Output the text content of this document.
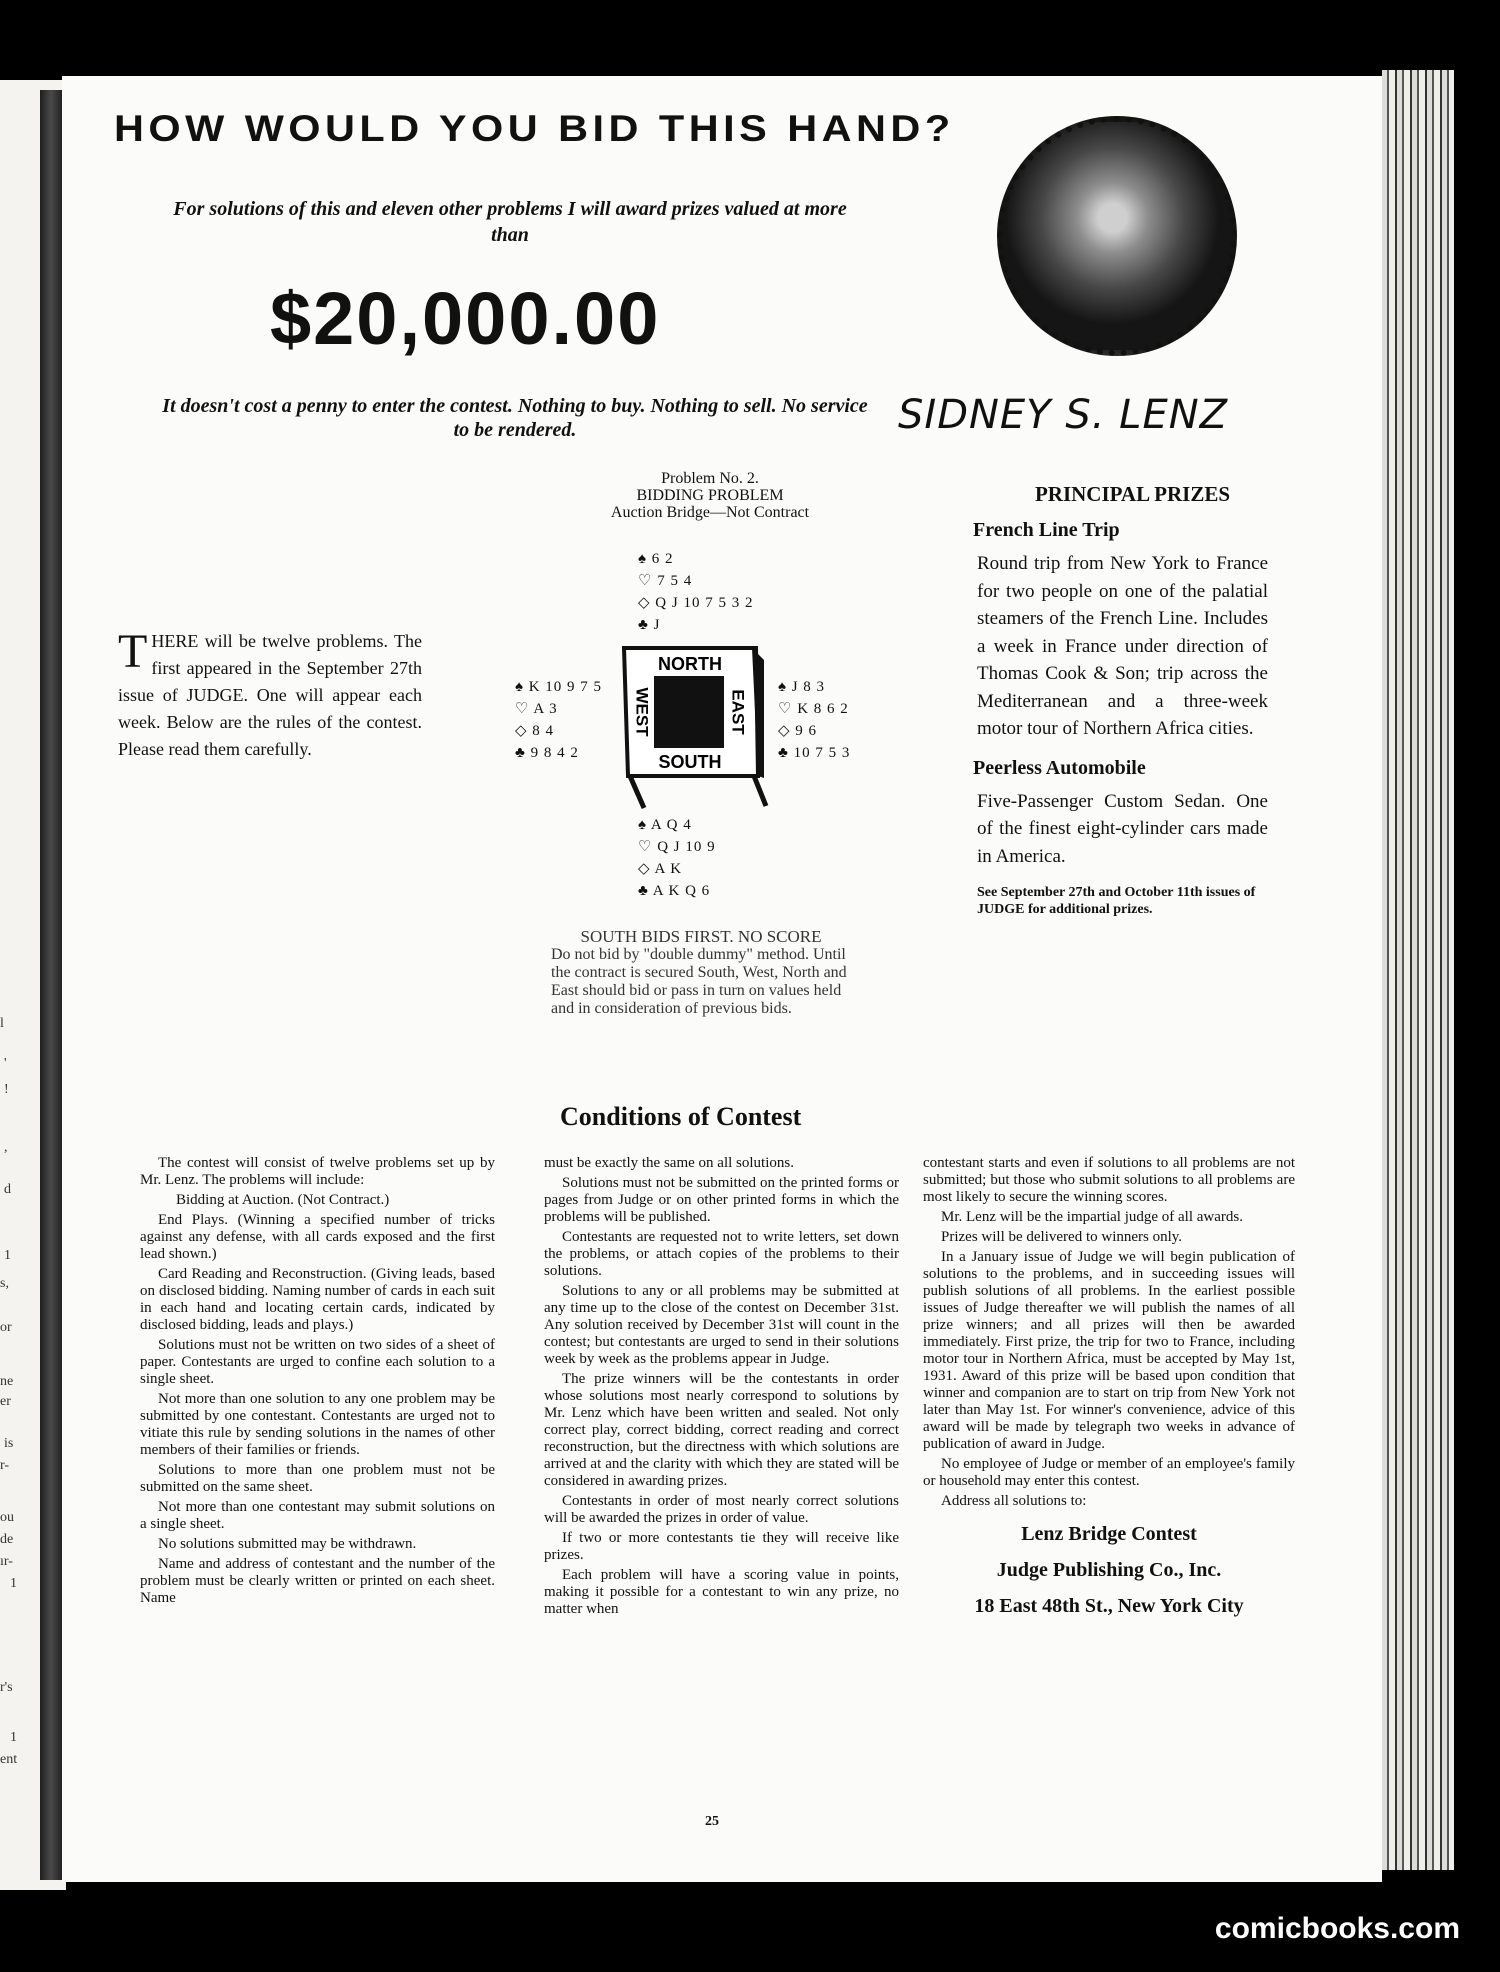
l
'
!
,
d
1
s,
or
ne
er
is
r-
ou
de
ır-
1
r's
1
ent
HOW WOULD YOU BID THIS HAND?
For solutions of this and eleven other problems I will award prizes valued at more than
$20,000.00
It doesn't cost a penny to enter the contest. Nothing to buy. Nothing to sell. No service to be rendered.	SIDNEY S. LENZ
T HERE will be twelve problems. The first appeared in the September 27th issue of JUDGE. One will appear each week. Below are the rules of the contest. Please read them carefully.
Problem No. 2.
BIDDING PROBLEM
Auction Bridge—Not Contract
♠ 6 2
♡ 7 5 4
◇ Q J 10 7 5 3 2
♣ J
♠ K 10 9 7 5
♡ A 3
◇ 8 4
♣ 9 8 4 2
♠ J 8 3
♡ K 8 6 2
◇ 9 6
♣ 10 7 5 3
♠ A Q 4
♡ Q J 10 9
◇ A K
♣ A K Q 6
NORTH
SOUTH
WEST	EAST
SOUTH BIDS FIRST. NO SCORE
Do not bid by "double dummy" method. Until the contract is secured South, West, North and East should bid or pass in turn on values held and in consideration of previous bids.
PRINCIPAL PRIZES
French Line Trip
Round trip from New York to France for two people on one of the palatial steamers of the French Line. Includes a week in France under direction of Thomas Cook & Son; trip across the Mediterranean and a three-week motor tour of Northern Africa cities.
Peerless Automobile
Five-Passenger Custom Sedan. One of the finest eight-cylinder cars made in America.
See September 27th and October 11th issues of JUDGE for additional prizes.
Conditions of Contest

The contest will consist of twelve problems set up by Mr. Lenz. The problems will include:

Bidding at Auction. (Not Contract.)

End Plays. (Winning a specified number of tricks against any defense, with all cards exposed and the first lead shown.)

Card Reading and Reconstruction. (Giving leads, based on disclosed bidding. Naming number of cards in each suit in each hand and locating certain cards, indicated by disclosed bidding, leads and plays.)

Solutions must not be written on two sides of a sheet of paper. Contestants are urged to confine each solution to a single sheet.

Not more than one solution to any one problem may be submitted by one contestant. Contestants are urged not to vitiate this rule by sending solutions in the names of other members of their families or friends.

Solutions to more than one problem must not be submitted on the same sheet.

Not more than one contestant may submit solutions on a single sheet.

No solutions submitted may be withdrawn.

Name and address of contestant and the number of the problem must be clearly written or printed on each sheet. Name

must be exactly the same on all solutions.

Solutions must not be submitted on the printed forms or pages from Judge or on other printed forms in which the problems will be published.

Contestants are requested not to write letters, set down the problems, or attach copies of the problems to their solutions.

Solutions to any or all problems may be submitted at any time up to the close of the contest on December 31st. Any solution received by December 31st will count in the contest; but contestants are urged to send in their solutions week by week as the problems appear in Judge.

The prize winners will be the contestants in order whose solutions most nearly correspond to solutions by Mr. Lenz which have been written and sealed. Not only correct play, correct bidding, correct reading and correct reconstruction, but the directness with which solutions are arrived at and the clarity with which they are stated will be considered in awarding prizes.

Contestants in order of most nearly correct solutions will be awarded the prizes in order of value.

If two or more contestants tie they will receive like prizes.

Each problem will have a scoring value in points, making it possible for a contestant to win any prize, no matter when

contestant starts and even if solutions to all problems are not submitted; but those who submit solutions to all problems are most likely to secure the winning scores.

Mr. Lenz will be the impartial judge of all awards.

Prizes will be delivered to winners only.

In a January issue of Judge we will begin publication of solutions to the problems, and in succeeding issues will publish solutions of all problems. In the earliest possible issues of Judge thereafter we will publish the names of all prize winners; and all prizes will then be awarded immediately. First prize, the trip for two to France, including motor tour in Northern Africa, must be accepted by May 1st, 1931. Award of this prize will be based upon condition that winner and companion are to start on trip from New York not later than May 1st. For winner's convenience, advice of this award will be made by telegraph two weeks in advance of publication of award in Judge.

No employee of Judge or member of an employee's family or household may enter this contest.

Address all solutions to:

Lenz Bridge Contest
Judge Publishing Co., Inc.
18 East 48th St., New York City
25
comicbooks.com
